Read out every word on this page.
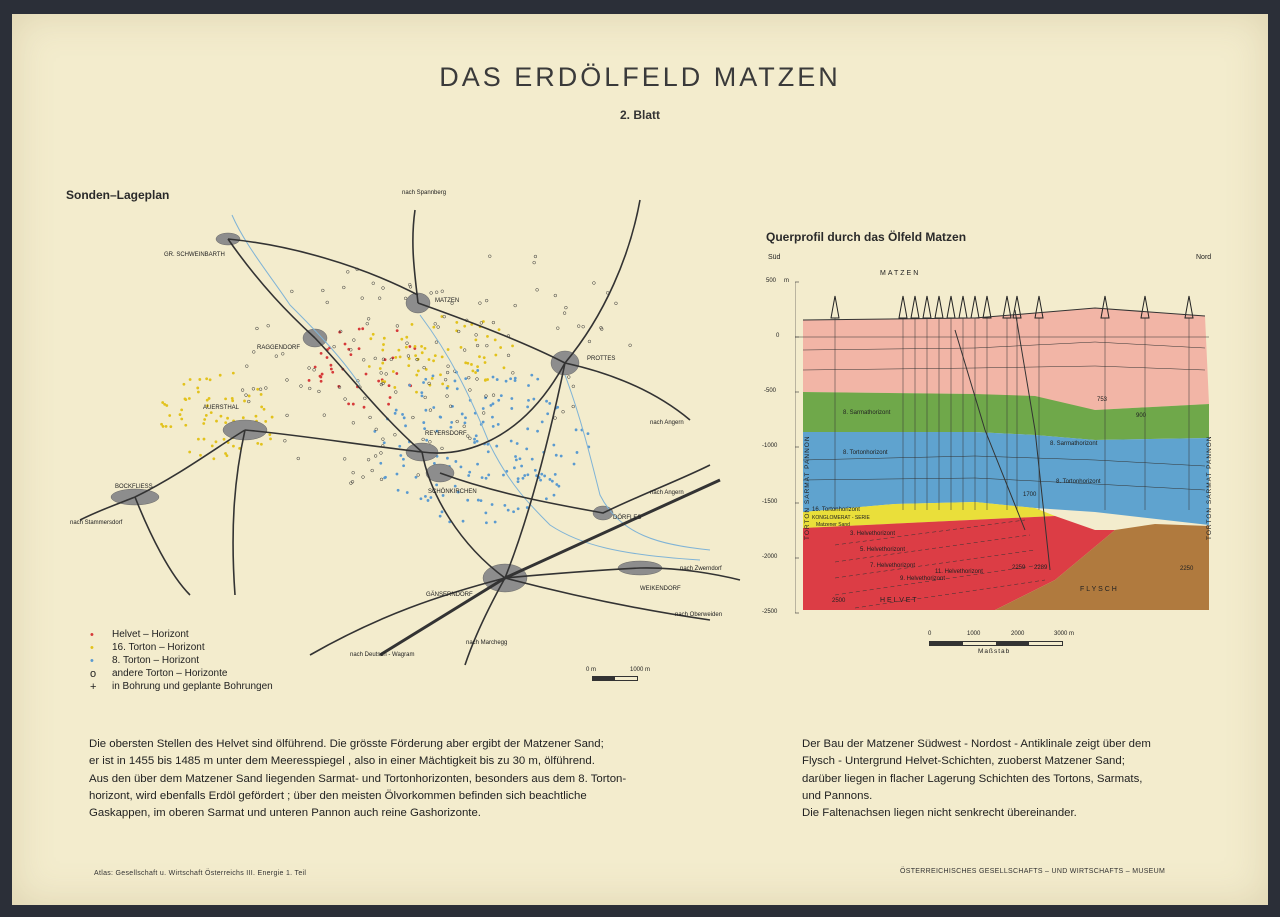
DAS ERDÖLFELD MATZEN
2. Blatt
Sonden–Lageplan
GR. SCHWEINBARTH
MATZEN
RAGGENDORF
PROTTES
AUERSTHAL
REYERSDORF
BOCKFLIESS
SCHÖNKIRCHEN
DÖRFLES
GÄNSERNDORF
WEIKENDORF
nach Spannberg
nach Angern
nach Angern
nach Stammersdorf
nach Zwerndorf
nach Oberweiden
nach Deutsch - Wagram
nach Marchegg
•	Helvet – Horizont
•	16. Torton – Horizont
•	8. Torton – Horizont
o	andere Torton – Horizonte
+	in Bohrung und geplante Bohrungen
0 m	1000 m
Querprofil durch das Ölfeld Matzen
Süd	Nord
MATZEN
500 m
0
-500
-1000
-1500
-2000
-2500
8. Sarmathorizont
8. Sarmathorizont
8. Tortonhorizont
8. Tortonhorizont
16. Tortonhorizont
KONGLOMERAT - SERIE
Matzener Sand
3. Helvethorizont
5. Helvethorizont
7. Helvethorizont
9. Helvethorizont
11. Helvethorizont
H E L V E T
F L Y S C H
TORTON SARMAT PANNON	TORTON SARMAT PANNON
2500
753
900
1700
2259 2289	2250
0	1000	2000	3000 m
Maßstab
Die obersten Stellen des Helvet sind ölführend. Die grösste Förderung aber ergibt der Matzener Sand;
er ist in 1455 bis 1485 m unter dem Meeresspiegel , also in einer Mächtigkeit bis zu 30 m, ölführend.
Aus den über dem Matzener Sand liegenden Sarmat- und Tortonhorizonten, besonders aus dem 8. Torton-
horizont, wird ebenfalls Erdöl gefördert ; über den meisten Ölvorkommen befinden sich beachtliche
Gaskappen, im oberen Sarmat und unteren Pannon auch reine Gashorizonte.
Der Bau der Matzener Südwest - Nordost - Antiklinale zeigt über dem
Flysch - Untergrund Helvet-Schichten, zuoberst Matzener Sand;
darüber liegen in flacher Lagerung Schichten des Tortons, Sarmats,
und Pannons.
Die Faltenachsen liegen nicht senkrecht übereinander.
Atlas: Gesellschaft u. Wirtschaft Österreichs III. Energie 1. Teil	ÖSTERREICHISCHES GESELLSCHAFTS – UND WIRTSCHAFTS – MUSEUM
